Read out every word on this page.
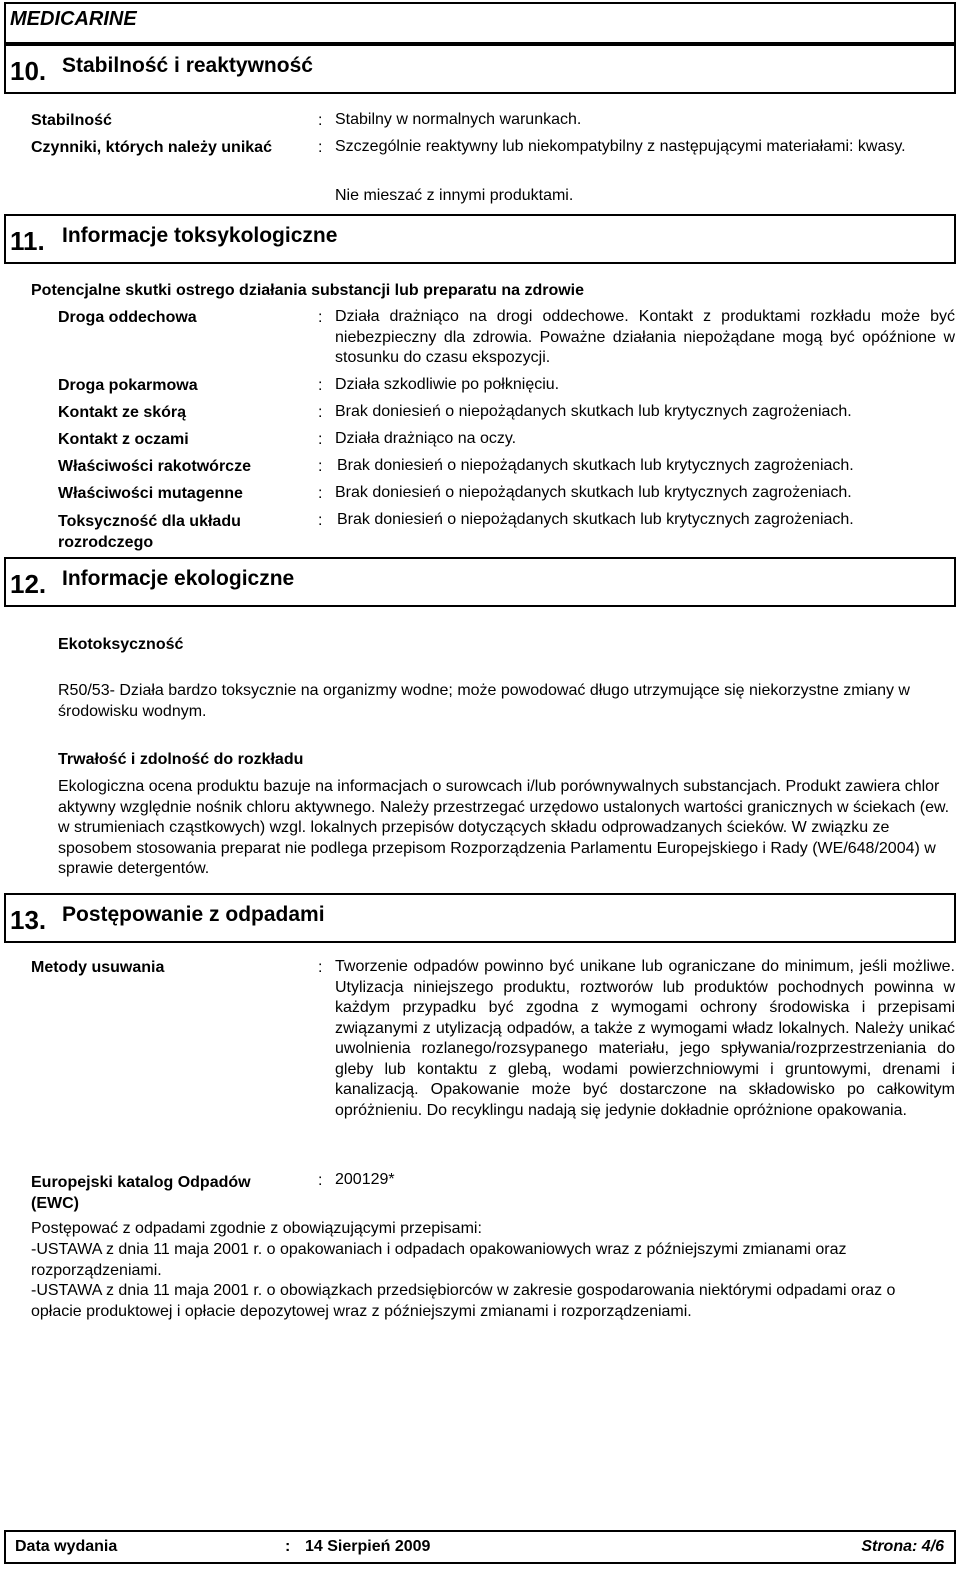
MEDICARINE
10. Stabilność i reaktywność
Stabilność	: Stabilny w normalnych warunkach.
Czynniki, których należy unikać	: Szczególnie reaktywny lub niekompatybilny z następującymi materiałami: kwasy.
Nie mieszać z innymi produktami.
11. Informacje toksykologiczne
Potencjalne skutki ostrego działania substancji lub preparatu na zdrowie
Droga oddechowa	: Działa drażniąco na drogi oddechowe. Kontakt z produktami rozkładu może być niebezpieczny dla zdrowia. Poważne działania niepożądane mogą być opóźnione w stosunku do czasu ekspozycji.
Droga pokarmowa	: Działa szkodliwie po połknięciu.
Kontakt ze skórą	: Brak doniesień o niepożądanych skutkach lub krytycznych zagrożeniach.
Kontakt z oczami	: Działa drażniąco na oczy.
Właściwości rakotwórcze	: Brak doniesień o niepożądanych skutkach lub krytycznych zagrożeniach.
Właściwości mutagenne	: Brak doniesień o niepożądanych skutkach lub krytycznych zagrożeniach.
Toksyczność dla układu rozrodczego
: Brak doniesień o niepożądanych skutkach lub krytycznych zagrożeniach.
12. Informacje ekologiczne
Ekotoksyczność
R50/53- Działa bardzo toksycznie na organizmy wodne; może powodować długo utrzymujące się niekorzystne zmiany w środowisku wodnym.
Trwałość i zdolność do rozkładu
Ekologiczna ocena produktu bazuje na informacjach o surowcach i/lub porównywalnych substancjach. Produkt zawiera chlor aktywny względnie nośnik chloru aktywnego. Należy przestrzegać urzędowo ustalonych wartości granicznych w ściekach (ew. w strumieniach cząstkowych) wzgl. lokalnych przepisów dotyczących składu odprowadzanych ścieków. W związku ze sposobem stosowania preparat nie podlega przepisom Rozporządzenia Parlamentu Europejskiego i Rady (WE/648/2004) w sprawie detergentów.
13. Postępowanie z odpadami
Metody usuwania	: Tworzenie odpadów powinno być unikane lub ograniczane do minimum, jeśli możliwe. Utylizacja niniejszego produktu, roztworów lub produktów pochodnych powinna w każdym przypadku być zgodna z wymogami ochrony środowiska i przepisami związanymi z utylizacją odpadów, a także z wymogami władz lokalnych. Należy unikać uwolnienia rozlanego/rozsypanego materiału, jego spływania/rozprzestrzeniania do gleby lub kontaktu z glebą, wodami powierzchniowymi i gruntowymi, drenami i kanalizacją. Opakowanie może być dostarczone na składowisko po całkowitym opróżnieniu. Do recyklingu nadają się jedynie dokładnie opróżnione opakowania.
Europejski katalog Odpadów (EWC)
: 200129*
Postępować z odpadami zgodnie z obowiązującymi przepisami:
-USTAWA z dnia 11 maja 2001 r. o opakowaniach i odpadach opakowaniowych wraz z późniejszymi zmianami oraz rozporządzeniami.
-USTAWA z dnia 11 maja 2001 r. o obowiązkach przedsiębiorców w zakresie gospodarowania niektórymi odpadami oraz o opłacie produktowej i opłacie depozytowej wraz z późniejszymi zmianami i rozporządzeniami.
Data wydania	: 14 Sierpień 2009	Strona: 4/6
